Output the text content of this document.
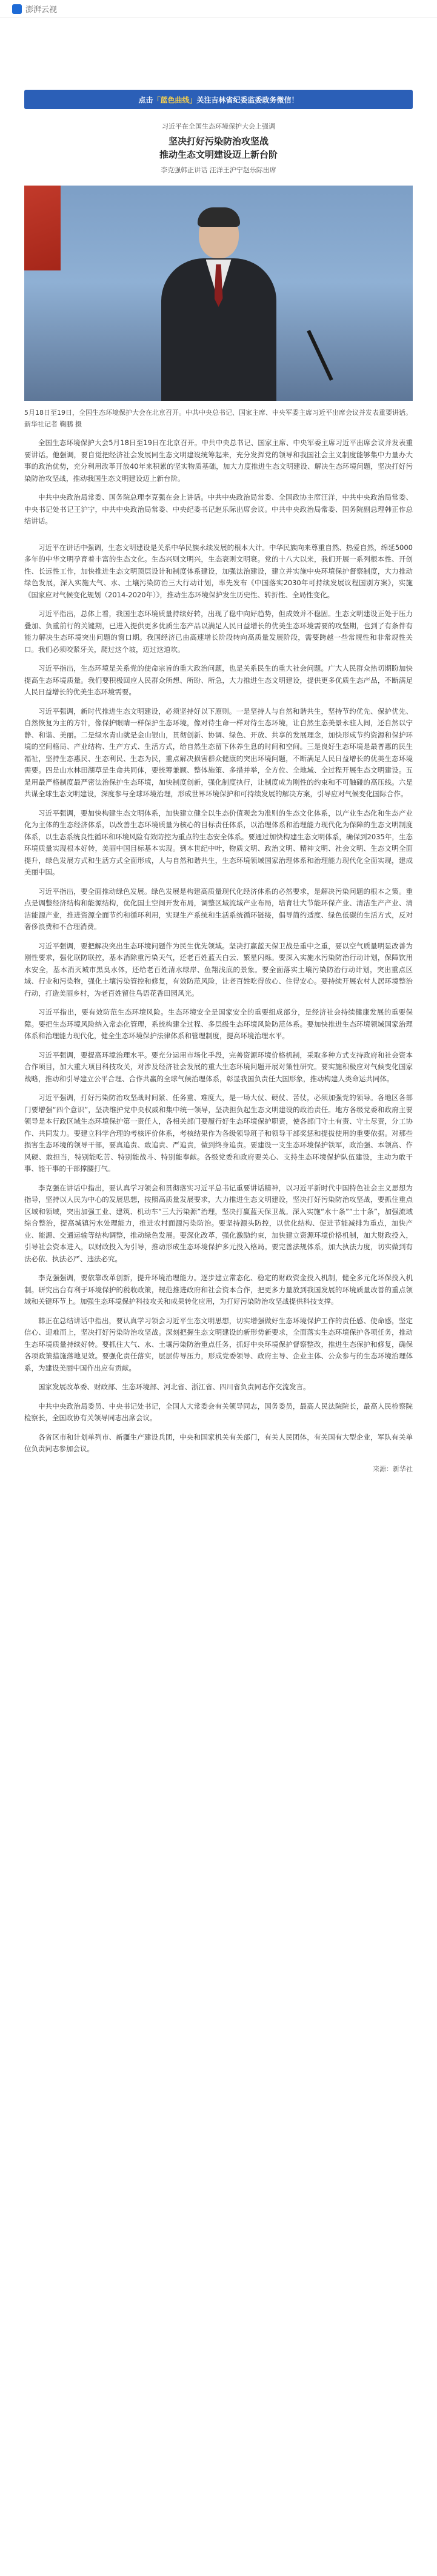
澎湃云视
点击 「蓝色曲线」 关注吉林省纪委监委政务微信！
习近平在全国生态环境保护大会上强调
坚决打好污染防治攻坚战
推动生态文明建设迈上新台阶
李克强韩正讲话 汪洋王沪宁赵乐际出席
5月18日至19日，全国生态环境保护大会在北京召开。中共中央总书记、国家主席、中央军委主席习近平出席会议并发表重要讲话。新华社记者 鞠鹏 摄

全国生态环境保护大会5月18日至19日在北京召开。中共中央总书记、国家主席、中央军委主席习近平出席会议并发表重要讲话。他强调，要自觉把经济社会发展同生态文明建设统筹起来，充分发挥党的领导和我国社会主义制度能够集中力量办大事的政治优势，充分利用改革开放40年来积累的坚实物质基础，加大力度推进生态文明建设、解决生态环境问题，坚决打好污染防治攻坚战，推动我国生态文明建设迈上新台阶。

中共中央政治局常委、国务院总理李克强在会上讲话。中共中央政治局常委、全国政协主席汪洋，中共中央政治局常委、中央书记处书记王沪宁，中共中央政治局常委、中央纪委书记赵乐际出席会议。中共中央政治局常委、国务院副总理韩正作总结讲话。

习近平在讲话中强调，生态文明建设是关系中华民族永续发展的根本大计。中华民族向来尊重自然、热爱自然，绵延5000多年的中华文明孕育着丰富的生态文化。生态兴则文明兴，生态衰则文明衰。党的十八大以来，我们开展一系列根本性、开创性、长远性工作，加快推进生态文明顶层设计和制度体系建设，加强法治建设，建立并实施中央环境保护督察制度，大力推动绿色发展，深入实施大气、水、土壤污染防治三大行动计划，率先发布《中国落实2030年可持续发展议程国别方案》，实施《国家应对气候变化规划（2014-2020年）》，推动生态环境保护发生历史性、转折性、全局性变化。

习近平指出，总体上看，我国生态环境质量持续好转，出现了稳中向好趋势，但成效并不稳固。生态文明建设正处于压力叠加、负重前行的关键期，已进入提供更多优质生态产品以满足人民日益增长的优美生态环境需要的攻坚期，也到了有条件有能力解决生态环境突出问题的窗口期。我国经济已由高速增长阶段转向高质量发展阶段，需要跨越一些常规性和非常规性关口。我们必须咬紧牙关，爬过这个坡，迈过这道坎。

习近平指出，生态环境是关系党的使命宗旨的重大政治问题，也是关系民生的重大社会问题。广大人民群众热切期盼加快提高生态环境质量。我们要积极回应人民群众所想、所盼、所急，大力推进生态文明建设，提供更多优质生态产品，不断满足人民日益增长的优美生态环境需要。

习近平强调，新时代推进生态文明建设，必须坚持好以下原则。一是坚持人与自然和谐共生，坚持节约优先、保护优先、自然恢复为主的方针，像保护眼睛一样保护生态环境，像对待生命一样对待生态环境，让自然生态美景永驻人间，还自然以宁静、和谐、美丽。二是绿水青山就是金山银山，贯彻创新、协调、绿色、开放、共享的发展理念，加快形成节约资源和保护环境的空间格局、产业结构、生产方式、生活方式，给自然生态留下休养生息的时间和空间。三是良好生态环境是最普惠的民生福祉，坚持生态惠民、生态利民、生态为民，重点解决损害群众健康的突出环境问题，不断满足人民日益增长的优美生态环境需要。四是山水林田湖草是生命共同体，要统筹兼顾、整体施策、多措并举，全方位、全地域、全过程开展生态文明建设。五是用最严格制度最严密法治保护生态环境，加快制度创新，强化制度执行，让制度成为刚性的约束和不可触碰的高压线。六是共谋全球生态文明建设，深度参与全球环境治理，形成世界环境保护和可持续发展的解决方案，引导应对气候变化国际合作。

习近平强调，要加快构建生态文明体系，加快建立健全以生态价值观念为准则的生态文化体系，以产业生态化和生态产业化为主体的生态经济体系，以改善生态环境质量为核心的目标责任体系，以治理体系和治理能力现代化为保障的生态文明制度体系，以生态系统良性循环和环境风险有效防控为重点的生态安全体系。要通过加快构建生态文明体系，确保到2035年，生态环境质量实现根本好转，美丽中国目标基本实现。到本世纪中叶，物质文明、政治文明、精神文明、社会文明、生态文明全面提升，绿色发展方式和生活方式全面形成，人与自然和谐共生，生态环境领域国家治理体系和治理能力现代化全面实现，建成美丽中国。

习近平指出，要全面推动绿色发展。绿色发展是构建高质量现代化经济体系的必然要求，是解决污染问题的根本之策。重点是调整经济结构和能源结构，优化国土空间开发布局，调整区域流域产业布局，培育壮大节能环保产业、清洁生产产业、清洁能源产业，推进资源全面节约和循环利用，实现生产系统和生活系统循环链接，倡导简约适度、绿色低碳的生活方式，反对奢侈浪费和不合理消费。

习近平强调，要把解决突出生态环境问题作为民生优先领域。坚决打赢蓝天保卫战是重中之重，要以空气质量明显改善为刚性要求，强化联防联控，基本消除重污染天气，还老百姓蓝天白云、繁星闪烁。要深入实施水污染防治行动计划，保障饮用水安全，基本消灭城市黑臭水体，还给老百姓清水绿岸、鱼翔浅底的景象。要全面落实土壤污染防治行动计划，突出重点区域、行业和污染物，强化土壤污染管控和修复，有效防范风险，让老百姓吃得放心、住得安心。要持续开展农村人居环境整治行动，打造美丽乡村，为老百姓留住鸟语花香田园风光。

习近平指出，要有效防范生态环境风险。生态环境安全是国家安全的重要组成部分，是经济社会持续健康发展的重要保障。要把生态环境风险纳入常态化管理，系统构建全过程、多层级生态环境风险防范体系。要加快推进生态环境领域国家治理体系和治理能力现代化，健全生态环境保护法律体系和管理制度，提高环境治理水平。

习近平强调，要提高环境治理水平。要充分运用市场化手段，完善资源环境价格机制，采取多种方式支持政府和社会资本合作项目，加大重大项目科技攻关，对涉及经济社会发展的重大生态环境问题开展对策性研究。要实施积极应对气候变化国家战略，推动和引导建立公平合理、合作共赢的全球气候治理体系，彰显我国负责任大国形象，推动构建人类命运共同体。

习近平强调，打好污染防治攻坚战时间紧、任务重、难度大，是一场大仗、硬仗、苦仗，必须加强党的领导。各地区各部门要增强“四个意识”，坚决维护党中央权威和集中统一领导，坚决担负起生态文明建设的政治责任。地方各级党委和政府主要领导是本行政区域生态环境保护第一责任人，各相关部门要履行好生态环境保护职责，使各部门守土有责、守土尽责，分工协作、共同发力。要建立科学合理的考核评价体系，考核结果作为各级领导班子和领导干部奖惩和提拔使用的重要依据。对那些损害生态环境的领导干部，要真追责、敢追责、严追责，做到终身追责。要建设一支生态环境保护铁军，政治强、本领高、作风硬、敢担当，特别能吃苦、特别能战斗、特别能奉献。各级党委和政府要关心、支持生态环境保护队伍建设，主动为敢干事、能干事的干部撑腰打气。

李克强在讲话中指出，要认真学习领会和贯彻落实习近平总书记重要讲话精神，以习近平新时代中国特色社会主义思想为指导，坚持以人民为中心的发展思想，按照高质量发展要求，大力推进生态文明建设，坚决打好污染防治攻坚战，要抓住重点区域和领域，突出加强工业、建筑、机动车“三大污染源”治理，坚决打赢蓝天保卫战。深入实施“水十条”“土十条”，加强流域综合整治，提高城镇污水处理能力，推进农村面源污染防治。要坚持源头防控，以优化结构、促进节能减排为重点，加快产业、能源、交通运输等结构调整，推动绿色发展。要深化改革，强化激励约束，加快建立资源环境价格机制，加大财政投入，引导社会资本进入，以财政投入为引导，推动形成生态环境保护多元投入格局。要完善法规体系，加大执法力度，切实做到有法必依、执法必严、违法必究。

李克强强调，要依靠改革创新，提升环境治理能力。逐步建立常态化、稳定的财政资金投入机制，健全多元化环保投入机制。研究出台有利于环境保护的税收政策，规范推进政府和社会资本合作，把更多力量放到我国发展的环境质量改善的重点领域和关键环节上。加强生态环境保护科技攻关和成果转化应用，为打好污染防治攻坚战提供科技支撑。

韩正在总结讲话中指出，要认真学习领会习近平生态文明思想，切实增强做好生态环境保护工作的责任感、使命感，坚定信心、迎难而上，坚决打好污染防治攻坚战。深刻把握生态文明建设的新形势新要求，全面落实生态环境保护各项任务，推动生态环境质量持续好转。要抓住大气、水、土壤污染防治重点任务，抓好中央环境保护督察整改，推进生态保护和修复，确保各项政策措施落地见效。要强化责任落实，层层传导压力，形成党委领导、政府主导、企业主体、公众参与的生态环境治理体系，为建设美丽中国作出应有贡献。

国家发展改革委、财政部、生态环境部、河北省、浙江省、四川省负责同志作交流发言。

中共中央政治局委员、中央书记处书记，全国人大常委会有关领导同志，国务委员，最高人民法院院长，最高人民检察院检察长，全国政协有关领导同志出席会议。

各省区市和计划单列市、新疆生产建设兵团，中央和国家机关有关部门，有关人民团体，有关国有大型企业，军队有关单位负责同志参加会议。

来源：新华社
